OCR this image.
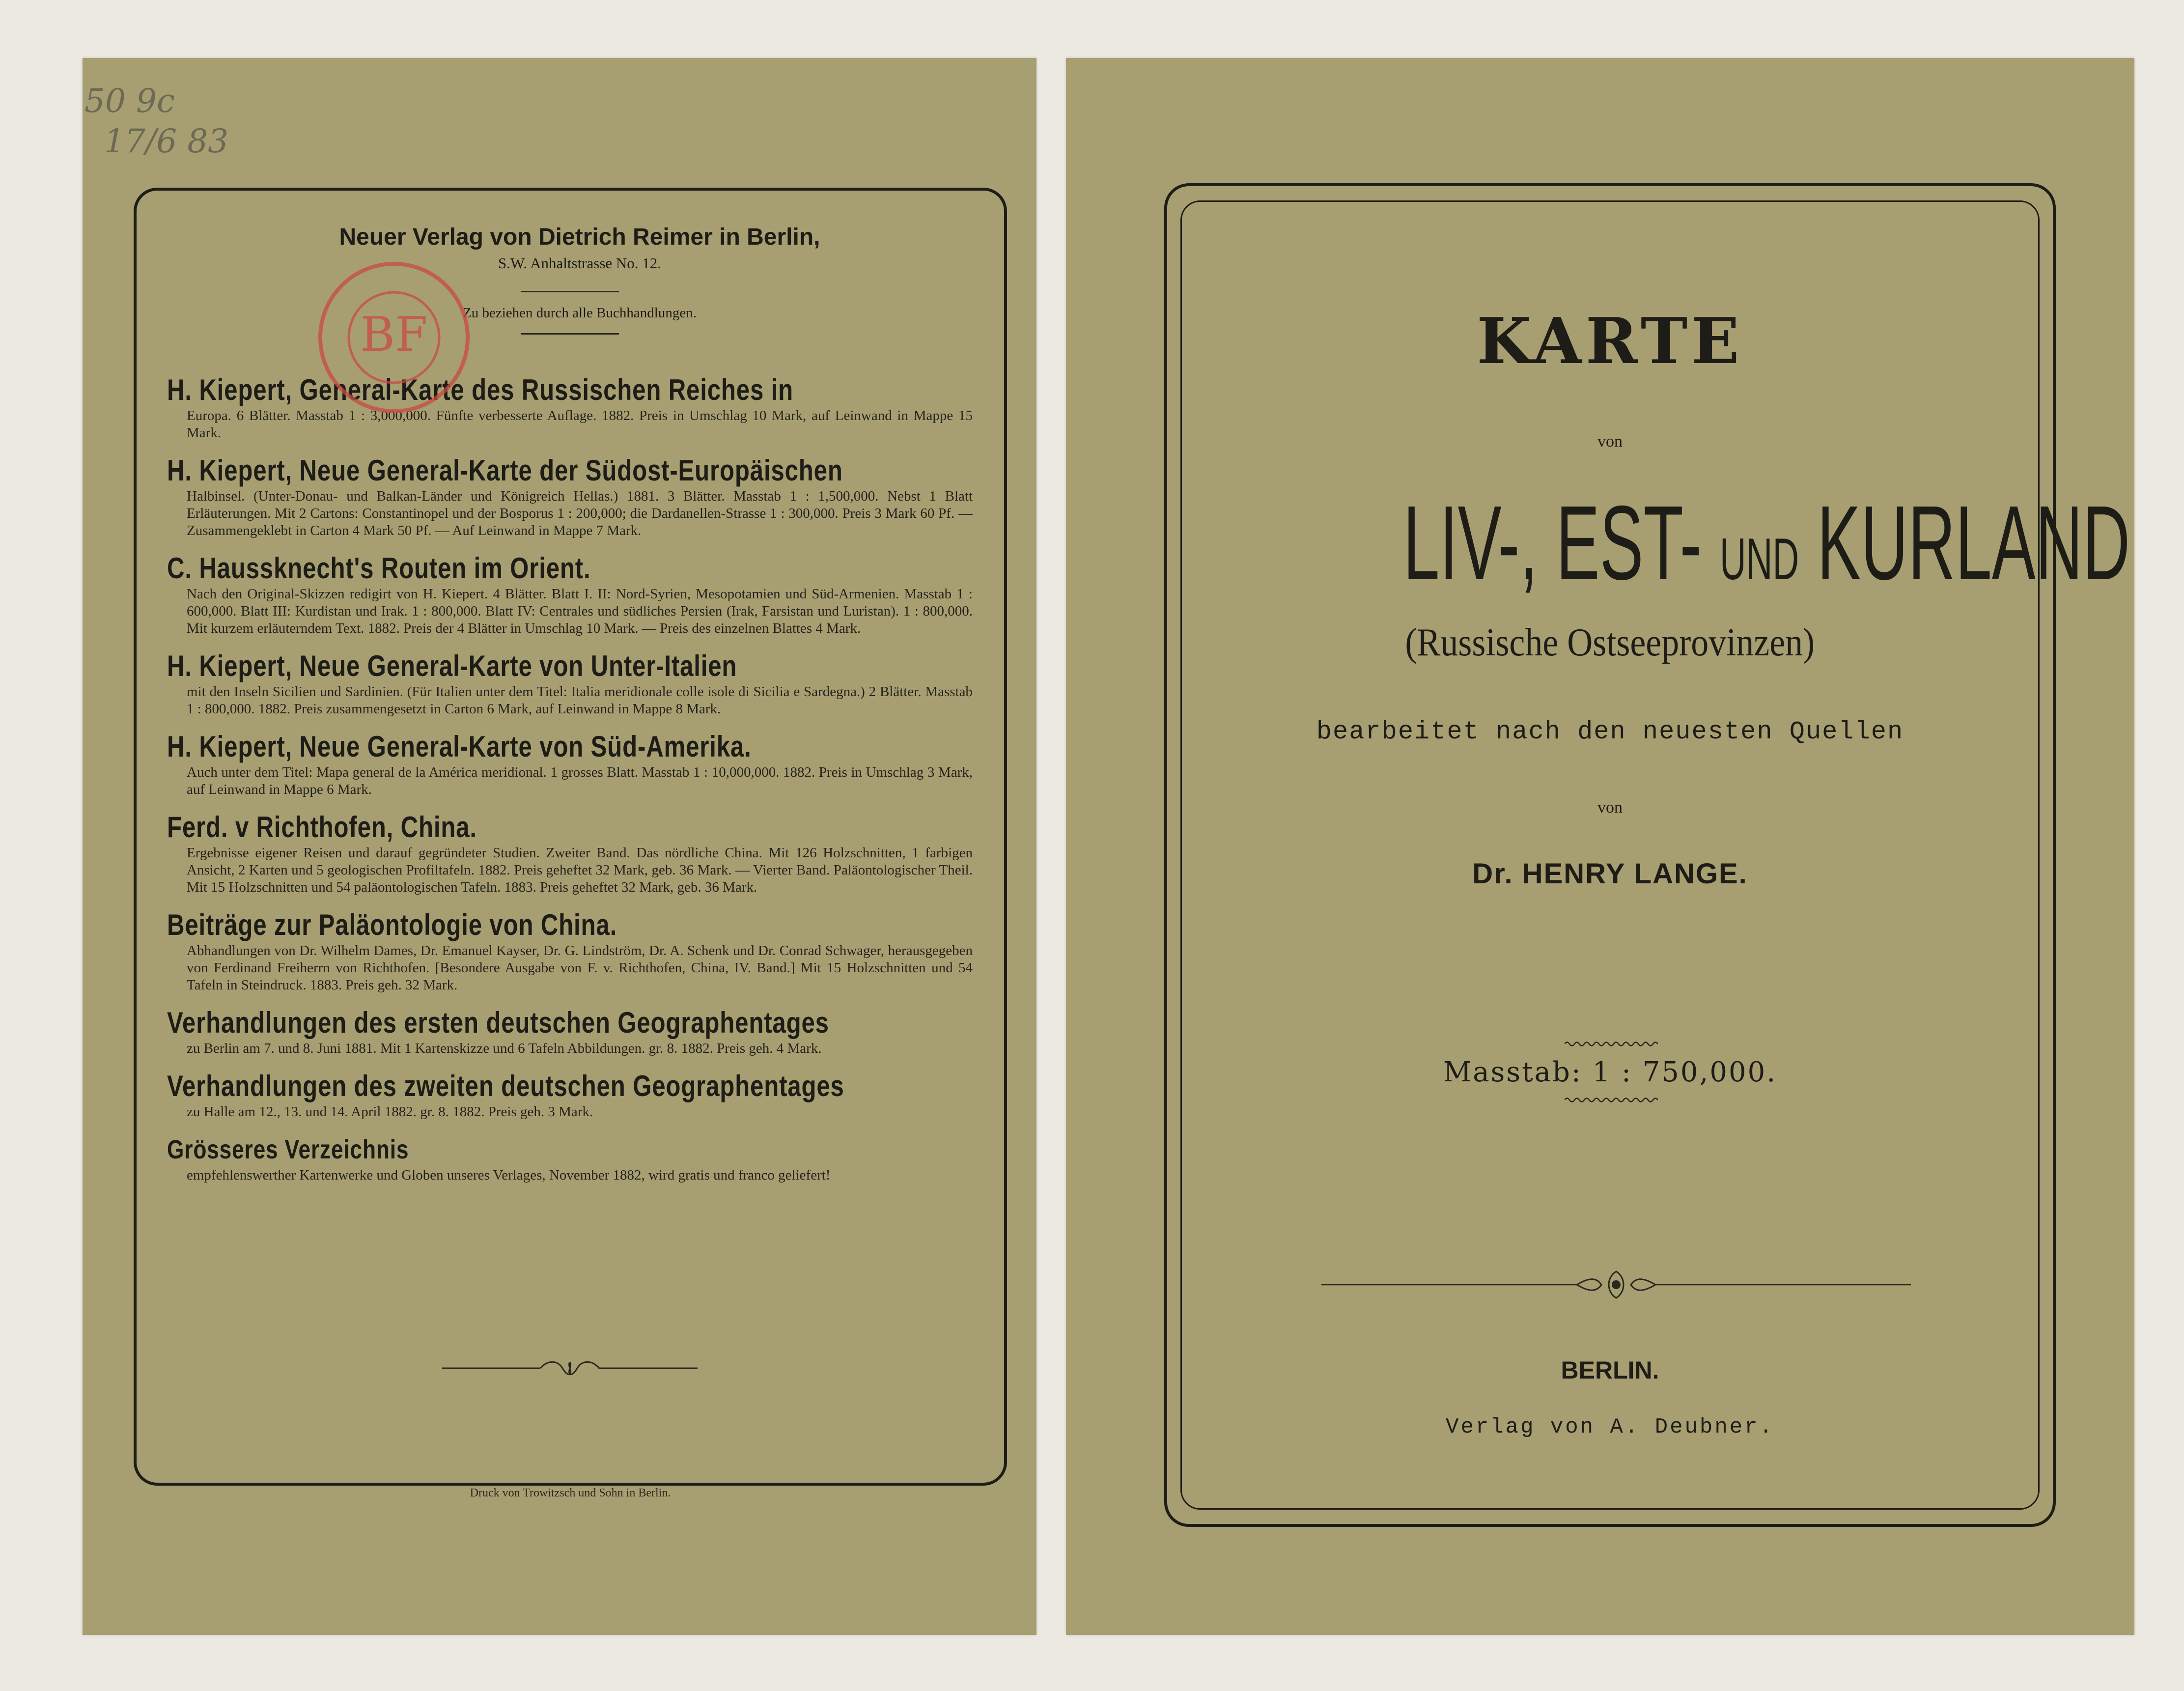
50 9c
17/6 83
Neuer Verlag von Dietrich Reimer in Berlin,
S.W. Anhaltstrasse No. 12.
Zu beziehen durch alle Buchhandlungen.
H. Kiepert, General-Karte des Russischen Reiches in
Europa. 6 Blätter. Masstab 1 : 3,000,000. Fünfte verbesserte Auflage. 1882. Preis in Umschlag 10 Mark, auf Leinwand in Mappe 15 Mark.
H. Kiepert, Neue General-Karte der Südost-Europäischen
Halbinsel. (Unter-Donau- und Balkan-Länder und Königreich Hellas.) 1881. 3 Blätter. Masstab 1 : 1,500,000. Nebst 1 Blatt Erläuterungen. Mit 2 Cartons: Constantinopel und der Bosporus 1 : 200,000; die Dardanellen-Strasse 1 : 300,000. Preis 3 Mark 60 Pf. — Zusammengeklebt in Carton 4 Mark 50 Pf. — Auf Leinwand in Mappe 7 Mark.
C. Haussknecht's Routen im Orient.
Nach den Original-Skizzen redigirt von H. Kiepert. 4 Blätter. Blatt I. II: Nord-Syrien, Mesopotamien und Süd-Armenien. Masstab 1 : 600,000. Blatt III: Kurdistan und Irak. 1 : 800,000. Blatt IV: Centrales und südliches Persien (Irak, Farsistan und Luristan). 1 : 800,000. Mit kurzem erläuterndem Text. 1882. Preis der 4 Blätter in Umschlag 10 Mark. — Preis des einzelnen Blattes 4 Mark.
H. Kiepert, Neue General-Karte von Unter-Italien
mit den Inseln Sicilien und Sardinien. (Für Italien unter dem Titel: Italia meridionale colle isole di Sicilia e Sardegna.) 2 Blätter. Masstab 1 : 800,000. 1882. Preis zusammengesetzt in Carton 6 Mark, auf Leinwand in Mappe 8 Mark.
H. Kiepert, Neue General-Karte von Süd-Amerika.
Auch unter dem Titel: Mapa general de la América meridional. 1 grosses Blatt. Masstab 1 : 10,000,000. 1882. Preis in Umschlag 3 Mark, auf Leinwand in Mappe 6 Mark.
Ferd. v Richthofen, China.
Ergebnisse eigener Reisen und darauf gegründeter Studien. Zweiter Band. Das nördliche China. Mit 126 Holzschnitten, 1 farbigen Ansicht, 2 Karten und 5 geologischen Profiltafeln. 1882. Preis geheftet 32 Mark, geb. 36 Mark. — Vierter Band. Paläontologischer Theil. Mit 15 Holzschnitten und 54 paläontologischen Tafeln. 1883. Preis geheftet 32 Mark, geb. 36 Mark.
Beiträge zur Paläontologie von China.
Abhandlungen von Dr. Wilhelm Dames, Dr. Emanuel Kayser, Dr. G. Lindström, Dr. A. Schenk und Dr. Conrad Schwager, herausgegeben von Ferdinand Freiherrn von Richthofen. [Besondere Ausgabe von F. v. Richthofen, China, IV. Band.] Mit 15 Holzschnitten und 54 Tafeln in Steindruck. 1883. Preis geh. 32 Mark.
Verhandlungen des ersten deutschen Geographentages
zu Berlin am 7. und 8. Juni 1881. Mit 1 Kartenskizze und 6 Tafeln Abbildungen. gr. 8. 1882. Preis geh. 4 Mark.
Verhandlungen des zweiten deutschen Geographentages
zu Halle am 12., 13. und 14. April 1882. gr. 8. 1882. Preis geh. 3 Mark.
Grösseres Verzeichnis
empfehlenswerther Kartenwerke und Globen unseres Verlages, November 1882, wird gratis und franco geliefert!
BF
Druck von Trowitzsch und Sohn in Berlin.
KARTE
von
LIV-, EST- UND KURLAND
(Russische Ostseeprovinzen)
bearbeitet nach den neuesten Quellen
von
Dr. HENRY LANGE.
Masstab: 1 : 750,000.
BERLIN.
Verlag von A. Deubner.
